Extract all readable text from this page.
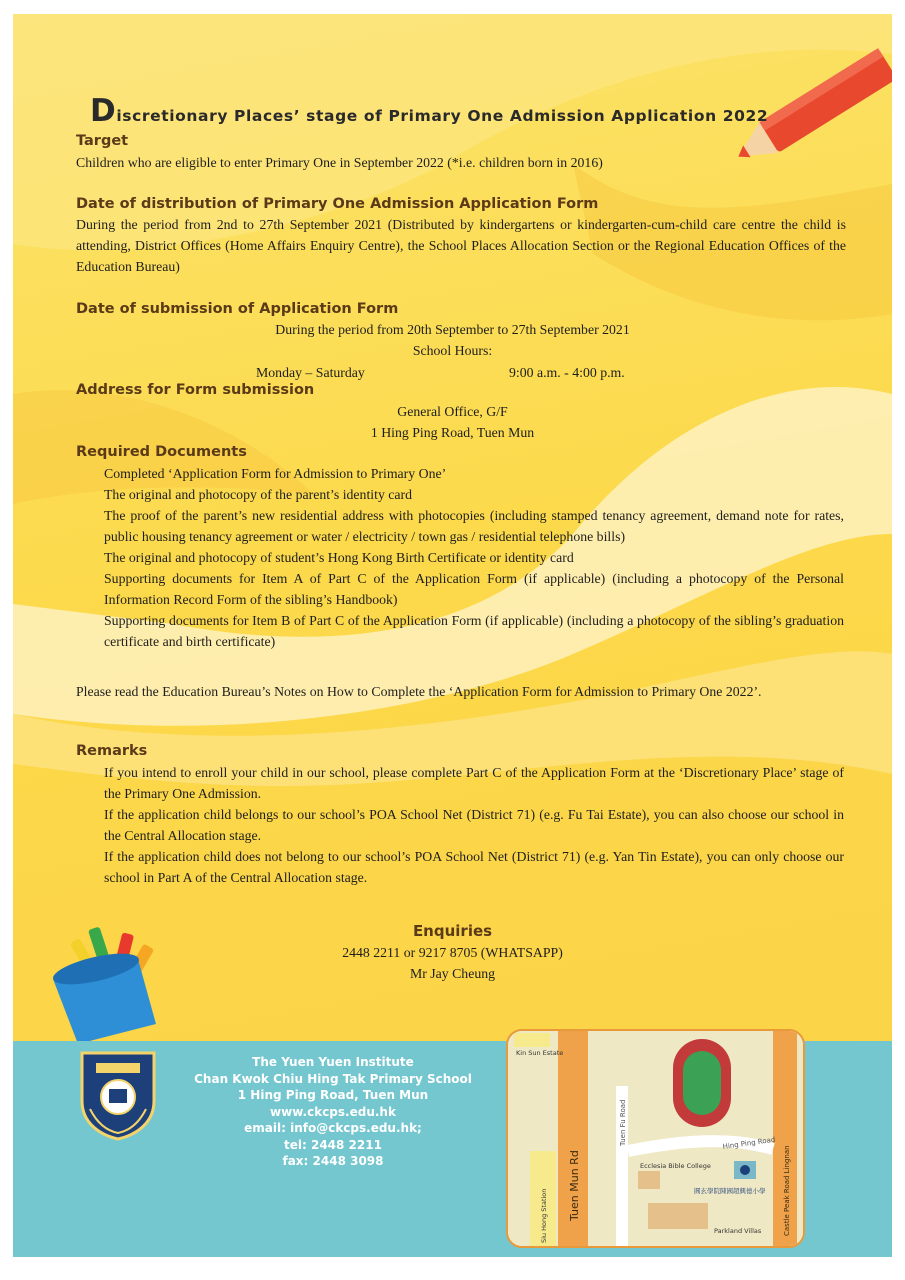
Discretionary Places’ stage of Primary One Admission Application 2022
Target
Children who are eligible to enter Primary One in September 2022 (*i.e. children born in 2016)
Date of distribution of Primary One Admission Application Form
During the period from 2nd to 27th September 2021 (Distributed by kindergartens or kindergarten-cum-child care centre the child is attending, District Offices (Home Affairs Enquiry Centre), the School Places Allocation Section or the Regional Education Offices of the Education Bureau)
Date of submission of Application Form
During the period from 20th September to 27th September 2021
School Hours:
Monday – Saturday	9:00 a.m. - 4:00 p.m.
Address for Form submission
General Office, G/F
1 Hing Ping Road, Tuen Mun
Required Documents
Completed ‘Application Form for Admission to Primary One’
The original and photocopy of the parent’s identity card
The proof of the parent’s new residential address with photocopies (including stamped tenancy agreement, demand note for rates, public housing tenancy agreement or water / electricity / town gas / residential telephone bills)
The original and photocopy of student’s Hong Kong Birth Certificate or identity card
Supporting documents for Item A of Part C of the Application Form (if applicable) (including a photocopy of the Personal Information Record Form of the sibling’s Handbook)
Supporting documents for Item B of Part C of the Application Form (if applicable) (including a photocopy of the sibling’s graduation certificate and birth certificate)
Please read the Education Bureau’s Notes on How to Complete the ‘Application Form for Admission to Primary One 2022’.
Remarks
If you intend to enroll your child in our school, please complete Part C of the Application Form at the ‘Discretionary Place’ stage of the Primary One Admission.
If the application child belongs to our school’s POA School Net (District 71) (e.g. Fu Tai Estate), you can also choose our school in the Central Allocation stage.
If the application child does not belong to our school’s POA School Net (District 71) (e.g. Yan Tin Estate), you can only choose our school in Part A of the Central Allocation stage.
Enquiries
2448 2211 or 9217 8705 (WHATSAPP)
Mr Jay Cheung
The Yuen Yuen Institute
Chan Kwok Chiu Hing Tak Primary School
1 Hing Ping Road, Tuen Mun
www.ckcps.edu.hk
email: info@ckcps.edu.hk;
tel: 2448 2211
fax: 2448 3098	Tuen Mun Rd
Tuen Fu Road	Hing Ping Road
Castle Peak Road Lingnan
Ecclesia Bible College
圓玄學院陳國超興德小學
Parkland Villas
Siu Hong Station
Kin Sun Estate
